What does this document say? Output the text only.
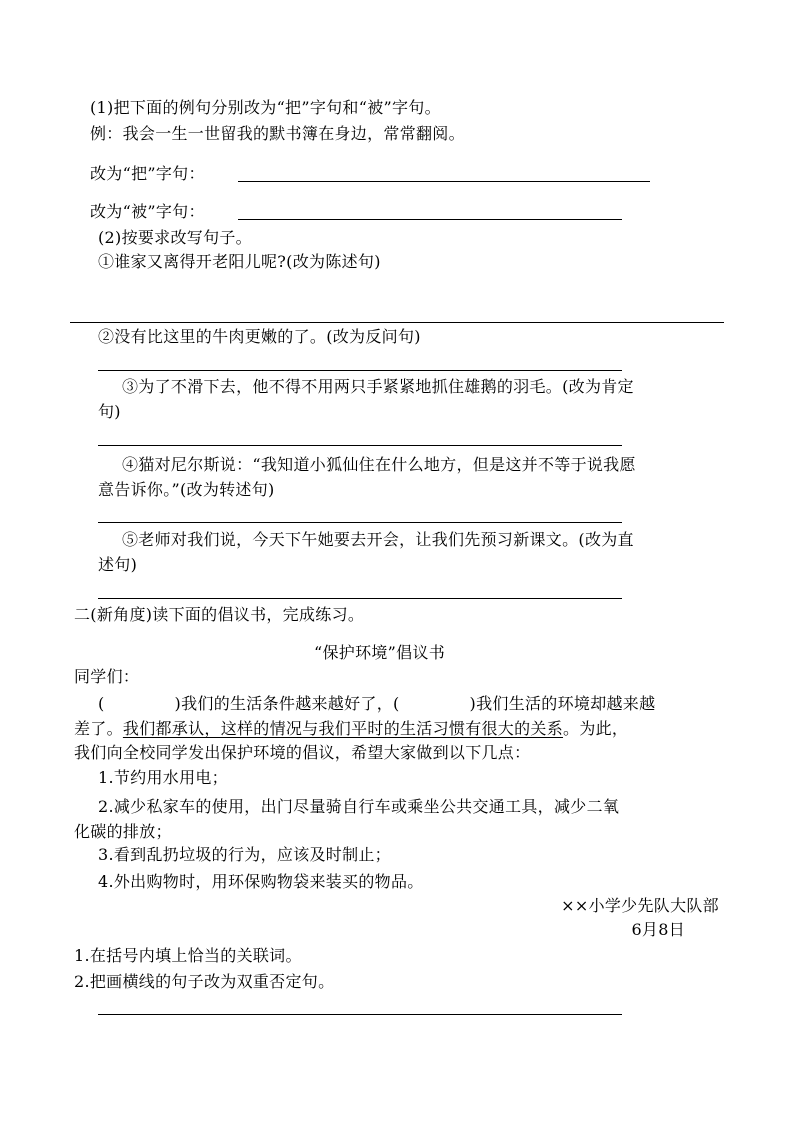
(1)把下面的例句分别改为“把”字句和“被”字句。
例：我会一生一世留我的默书簿在身边，常常翻阅。
改为“把”字句：
改为“被”字句：
(2)按要求改写句子。
①谁家又离得开老阳儿呢?(改为陈述句)
②没有比这里的牛肉更嫩的了。(改为反问句)
③为了不滑下去，他不得不用两只手紧紧地抓住雄鹅的羽毛。(改为肯定
句)
④猫对尼尔斯说：“我知道小狐仙住在什么地方，但是这并不等于说我愿
意告诉你。”(改为转述句)
⑤老师对我们说，今天下午她要去开会，让我们先预习新课文。(改为直
述句)
二(新角度)读下面的倡议书，完成练习。
“保护环境”倡议书
同学们：
(	)我们的生活条件越来越好了，(	)我们生活的环境却越来越
差了。我们都承认，这样的情况与我们平时的生活习惯有很大的关系。为此，
我们向全校同学发出保护环境的倡议，希望大家做到以下几点：
1.节约用水用电；
2.减少私家车的使用，出门尽量骑自行车或乘坐公共交通工具，减少二氧
化碳的排放；
3.看到乱扔垃圾的行为，应该及时制止；
4.外出购物时，用环保购物袋来装买的物品。
××小学少先队大队部
6月8日
1.在括号内填上恰当的关联词。
2.把画横线的句子改为双重否定句。
